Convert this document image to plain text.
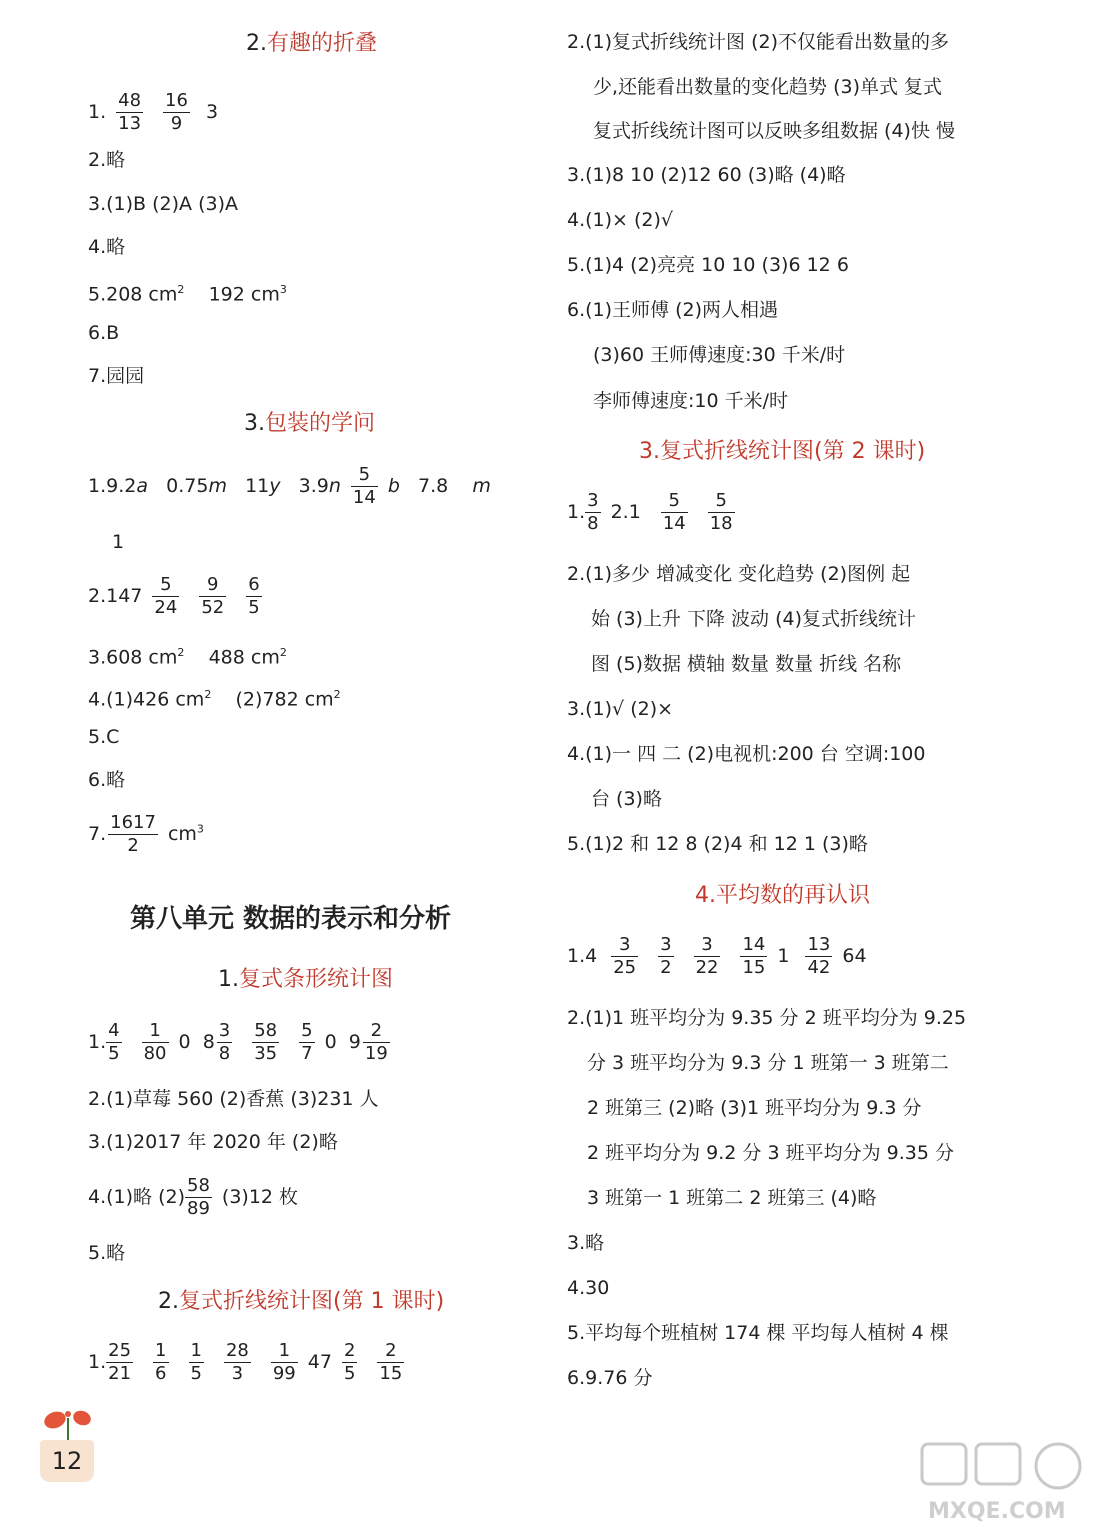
2.有趣的折叠
1. $\frac{48}{13} \frac{16}{9} 3$
2.略
3.(1)B (2)A (3)A
4.略
5.208 $cm^2$ 192 $cm^3$
6.B
7.园园
3.包装的学问
1.9.2a 0.75m 11y $3.9n \frac{5}{14}$ b 7.8 m
1
$2.147 \frac{5}{24} \frac{9}{52} \frac{6}{5}$
3.608 $cm^2$ 488 $cm^2$
4.(1)426 $cm^2$ (2)782 $cm^2$
5.C
6.略
7. $\frac{1617}{2} cm^3$
第八单元 数据的表示和分析
1.复式条形统计图
1. $\frac{4}{5} \frac{1}{80} 0$ $8 \frac{3}{8} \frac{58}{35} \frac{5}{7} 0$ $9 \frac{2}{19}$
2.(1)草莓 560 (2)香蕉 (3)231 人
3.(1)2017 年 2020 年 (2)略
4.(1)略 $(2) \frac{58}{89} (3)12$ 枚
5.略
2.复式折线统计图(第 1 课时)
1. $\frac{25}{21} \frac{1}{6} \frac{1}{5} \frac{28}{3} \frac{1}{99} 47 \frac{2}{5} \frac{2}{15}$
2.(1)复式折线统计图 (2)不仅能看出数量的多
少,还能看出数量的变化趋势 (3)单式 复式
复式折线统计图可以反映多组数据 (4)快 慢
3.(1)8 10 (2)12 60 (3)略 (4)略
4.(1)× (2)√
5.(1)4 (2)亮亮 10 10 (3)6 12 6
6.(1)王师傅 (2)两人相遇
(3)60 王师傅速度:30 千米/时
李师傅速度:10 千米/时
3.复式折线统计图(第 2 课时)
1. $\frac{3}{8} 2.1 \frac{5}{14} \frac{5}{18}$
2.(1)多少 增减变化 变化趋势 (2)图例 起
始 (3)上升 下降 波动 (4)复式折线统计
图 (5)数据 横轴 数量 数量 折线 名称
3.(1)√ (2)×
4.(1)一 四 二 (2)电视机:200 台 空调:100
台 (3)略
5.(1)2 和 12 8 (2)4 和 12 1 (3)略
4.平均数的再认识
$1.4 \frac{3}{25} \frac{3}{2} \frac{3}{22} \frac{14}{15} 1 \frac{13}{42} 64$
2.(1)1 班平均分为 9.35 分 2 班平均分为 9.25
分 3 班平均分为 9.3 分 1 班第一 3 班第二
2 班第三 (2)略 (3)1 班平均分为 9.3 分
2 班平均分为 9.2 分 3 班平均分为 9.35 分
3 班第一 1 班第二 2 班第三 (4)略
3.略
4.30
5.平均每个班植树 174 棵 平均每人植树 4 棵
6.9.76 分
12
MXQE.COM
